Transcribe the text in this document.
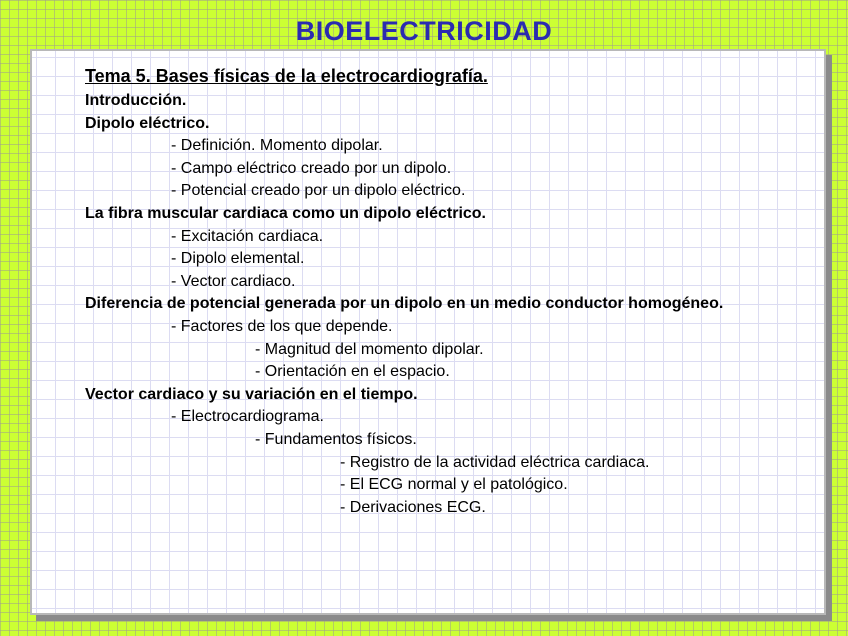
BIOELECTRICIDAD
Tema 5. Bases físicas de la electrocardiografía.
Introducción.
Dipolo eléctrico.
- Definición. Momento dipolar.
- Campo eléctrico creado por un dipolo.
- Potencial creado por un dipolo eléctrico.
La fibra muscular cardiaca como un dipolo eléctrico.
- Excitación cardiaca.
- Dipolo elemental.
- Vector cardiaco.
Diferencia de potencial generada por un dipolo en un medio conductor homogéneo.
- Factores de los que depende.
- Magnitud del momento dipolar.
- Orientación en el espacio.
Vector cardiaco y su variación en el tiempo.
- Electrocardiograma.
- Fundamentos físicos.
- Registro de la actividad eléctrica cardiaca.
- El ECG normal y el patológico.
- Derivaciones ECG.
